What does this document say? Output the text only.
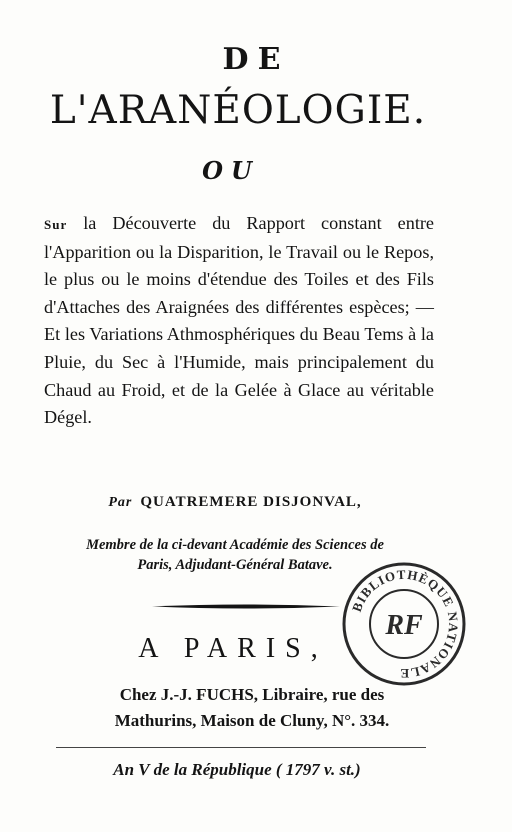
DE
L'ARANÉOLOGIE.
OU
Sur la Découverte du Rapport constant entre l'Apparition ou la Disparition, le Travail ou le Repos, le plus ou le moins d'étendue des Toiles et des Fils d'Attaches des Araignées des différentes espèces; — Et les Variations Athmosphériques du Beau Tems à la Pluie, du Sec à l'Humide, mais principalement du Chaud au Froid, et de la Gelée à Glace au véritable Dégel.
Par QUATREMERE DISJONVAL,
Membre de la ci-devant Académie des Sciences de
Paris, Adjudant-Général Batave.
A PARIS,
Chez J.-J. FUCHS, Libraire, rue des
Mathurins, Maison de Cluny, N°. 334.
An V de la République ( 1797 v. st.)
BIBLIOTHÈQUE NATIONALE
RF
